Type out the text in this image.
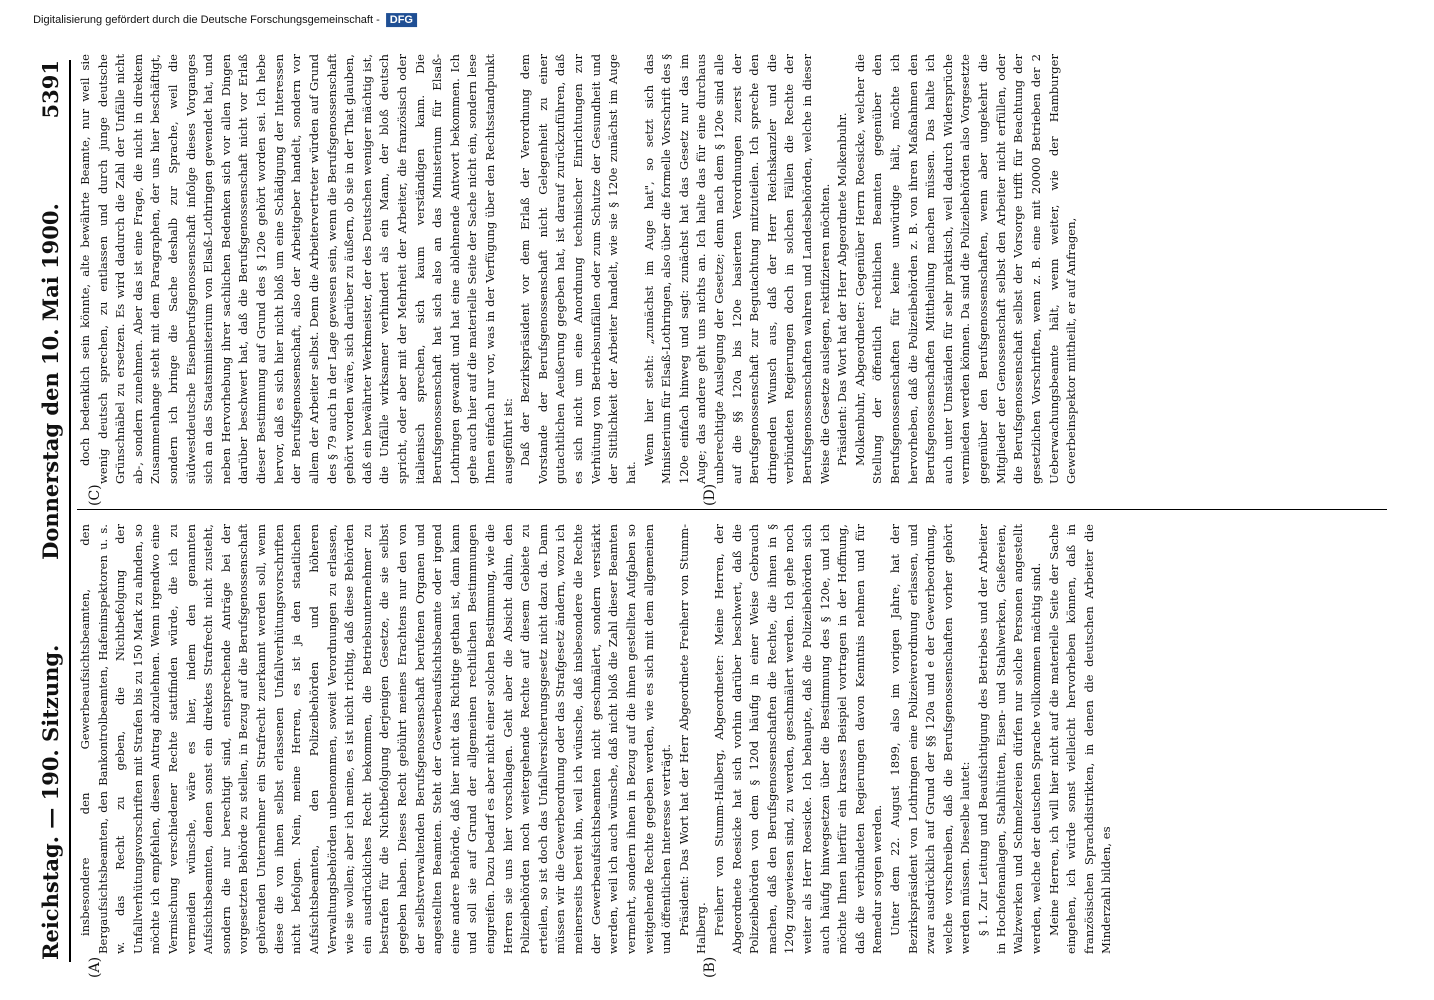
Reichstag. — 190. Sitzung.
Donnerstag den 10. Mai 1900.
5391
(A)	(B)
(C)	(D)

insbesondere den Gewerbeaufsichtsbeamten, den Bergaufsichtsbeamten, den Bankontrolbeamten, Hafeninspektoren u. s. w. das Recht zu geben, die Nichtbefolgung der Unfallverhütungsvorschriften mit Strafen bis zu 150 Mark zu ahnden, so möchte ich empfehlen, diesen Antrag abzulehnen. Wenn irgendwo eine Vermischung verschiedener Rechte stattfinden würde, die ich zu vermeiden wünsche, wäre es hier, indem den genannten Aufsichtsbeamten, denen sonst ein direktes Strafrecht nicht zusteht, sondern die nur berechtigt sind, entsprechende Anträge bei der vorgesetzten Behörde zu stellen, in Bezug auf die Berufsgenossenschaft gehörenden Unternehmer ein Strafrecht zuerkannt werden soll, wenn diese die von ihnen selbst erlassenen Unfallverhütungsvorschriften nicht befolgen. Nein, meine Herren, es ist ja den staatlichen Aufsichtsbeamten, den Polizeibehörden und höheren Verwaltungsbehörden unbenommen, soweit Verordnungen zu erlassen, wie sie wollen; aber ich meine, es ist nicht richtig, daß diese Behörden ein ausdrückliches Recht bekommen, die Betriebsunternehmer zu bestrafen für die Nichtbefolgung derjenigen Gesetze, die sie selbst gegeben haben. Dieses Recht gebührt meines Erachtens nur den von der selbstverwaltenden Berufsgenossenschaft berufenen Organen und angestellten Beamten. Steht der Gewerbeaufsichtsbeamte oder irgend eine andere Behörde, daß hier nicht das Richtige gethan ist, dann kann und soll sie auf Grund der allgemeinen rechtlichen Bestimmungen eingreifen. Dazu bedarf es aber nicht einer solchen Bestimmung, wie die Herren sie uns hier vorschlagen. Geht aber die Absicht dahin, den Polizeibehörden noch weitergehende Rechte auf diesem Gebiete zu erteilen, so ist doch das Unfallversicherungsgesetz nicht dazu da. Dann müssen wir die Gewerbeordnung oder das Strafgesetz ändern, wozu ich meinerseits bereit bin, weil ich wünsche, daß insbesondere die Rechte der Gewerbeaufsichtsbeamten nicht geschmälert, sondern verstärkt werden, weil ich auch wünsche, daß nicht bloß die Zahl dieser Beamten vermehrt, sondern ihnen in Bezug auf die ihnen gestellten Aufgaben so weitgehende Rechte gegeben werden, wie es sich mit dem allgemeinen und öffentlichen Interesse verträgt. Präsident: Das Wort hat der Herr Abgeordnete Freiherr von Stumm-Halberg. Freiherr von Stumm-Halberg, Abgeordneter: Meine Herren, der Abgeordnete Roesicke hat sich vorhin darüber beschwert, daß die Polizeibehörden von dem § 120d häufig in einer Weise Gebrauch machen, daß den Berufsgenossenschaften die Rechte, die ihnen in § 120g zugewiesen sind, zu werden, geschmälert werden. Ich gehe noch weiter als Herr Roesicke. Ich behaupte, daß die Polizeibehörden sich auch häufig hinwegsetzen über die Bestimmung des § 120e, und ich möchte Ihnen hierfür ein krasses Beispiel vortragen in der Hoffnung, daß die verbündeten Regierungen davon Kenntnis nehmen und für Remedur sorgen werden. Unter dem 22. August 1899, also im vorigen Jahre, hat der Bezirkspräsident von Lothringen eine Polizeiverordnung erlassen, und zwar ausdrücklich auf Grund der §§ 120a und e der Gewerbeordnung, welche vorschreiben, daß die Berufsgenossenschaften vorher gehört werden müssen. Dieselbe lautet: § 1. Zur Leitung und Beaufsichtigung des Betriebes und der Arbeiter in Hochofenanlagen, Stahlhütten, Eisen- und Stahlwerken, Gießereien, Walzwerken und Schmelzereien dürfen nur solche Personen angestellt werden, welche der deutschen Sprache vollkommen mächtig sind. Meine Herren, ich will hier nicht auf die materielle Seite der Sache eingehen, ich würde sonst vielleicht hervorheben können, daß in französischen Sprachdistrikten, in denen die deutschen Arbeiter die Minderzahl bilden, es

doch bedenklich sein könnte, alte bewährte Beamte, nur weil sie wenig deutsch sprechen, zu entlassen und durch junge deutsche Grünschnäbel zu ersetzen. Es wird dadurch die Zahl der Unfälle nicht ab-, sondern zunehmen. Aber das ist eine Frage, die nicht in direktem Zusammenhange steht mit dem Paragraphen, der uns hier beschäftigt, sondern ich bringe die Sache deshalb zur Sprache, weil die südwestdeutsche Eisenberufsgenossenschaft infolge dieses Vorganges sich an das Staatsministerium von Elsaß-Lothringen gewendet hat, und neben Hervorhebung ihrer sachlichen Bedenken sich vor allen Dingen darüber beschwert hat, daß die Berufsgenossenschaft nicht vor Erlaß dieser Bestimmung auf Grund des § 120e gehört worden sei. Ich hebe hervor, daß es sich hier nicht bloß um eine Schädigung der Interessen der Berufsgenossenschaft, also der Arbeitgeber handelt, sondern vor allem der Arbeiter selbst. Denn die Arbeitervertreter würden auf Grund des § 79 auch in der Lage gewesen sein, wenn die Berufsgenossenschaft gehört worden wäre, sich darüber zu äußern, ob sie in der That glauben, daß ein bewährter Werkmeister, der des Deutschen weniger mächtig ist, die Unfälle wirksamer verhindert als ein Mann, der bloß deutsch spricht, oder aber mit der Mehrheit der Arbeiter, die französisch oder italienisch sprechen, sich kaum verständigen kann. Die Berufsgenossenschaft hat sich also an das Ministerium für Elsaß-Lothringen gewandt und hat eine ablehnende Antwort bekommen. Ich gehe auch hier auf die materielle Seite der Sache nicht ein, sondern lese Ihnen einfach nur vor, was in der Verfügung über den Rechtsstandpunkt ausgeführt ist: Daß der Bezirkspräsident vor dem Erlaß der Verordnung dem Vorstande der Berufsgenossenschaft nicht Gelegenheit zu einer gutachtlichen Aeußerung gegeben hat, ist darauf zurückzuführen, daß es sich nicht um eine Anordnung technischer Einrichtungen zur Verhütung von Betriebsunfällen oder zum Schutze der Gesundheit und der Sittlichkeit der Arbeiter handelt, wie sie § 120e zunächst im Auge hat.

Wenn hier steht: „zunächst im Auge hat", so setzt sich das Ministerium für Elsaß-Lothringen, also über die formelle Vorschrift des § 120e einfach hinweg und sagt: zunächst hat das Gesetz nur das im Auge; das andere geht uns nichts an. Ich halte das für eine durchaus unberechtigte Auslegung der Gesetze; denn nach dem § 120e sind alle auf die §§ 120a bis 120e basierten Verordnungen zuerst der Berufsgenossenschaft zur Begutachtung mitzuteilen. Ich spreche den dringenden Wunsch aus, daß der Herr Reichskanzler und die verbündeten Regierungen doch in solchen Fällen die Rechte der Berufsgenossenschaften wahren und Landesbehörden, welche in dieser Weise die Gesetze auslegen, rektifizieren möchten. Präsident: Das Wort hat der Herr Abgeordnete Molkenbuhr. Molkenbuhr, Abgeordneter: Gegenüber Herrn Roesicke, welcher die Stellung der öffentlich rechtlichen Beamten gegenüber den Berufsgenossenschaften für keine unwürdige hält, möchte ich hervorheben, daß die Polizeibehörden z. B. von ihren Maßnahmen den Berufsgenossenschaften Mittheilung machen müssen. Das halte ich auch unter Umständen für sehr praktisch, weil dadurch Widersprüche vermieden werden können. Da sind die Polizeibehörden also Vorgesetzte gegenüber den Berufsgenossenschaften, wenn aber ungekehrt die Mitglieder der Genossenschaft selbst den Arbeiter nicht erfüllen, oder die Berufsgenossenschaft selbst der Vorsorge trifft für Beachtung der gesetzlichen Vorschriften, wenn z. B. eine mit 20000 Betrieben der 2 Ueberwachungsbeamte hält, wenn weiter, wie der Hamburger Gewerbeinspektor mittheilt, er auf Anfragen,

Digitalisierung gefördert durch die Deutsche Forschungsgemeinschaft - DFG
